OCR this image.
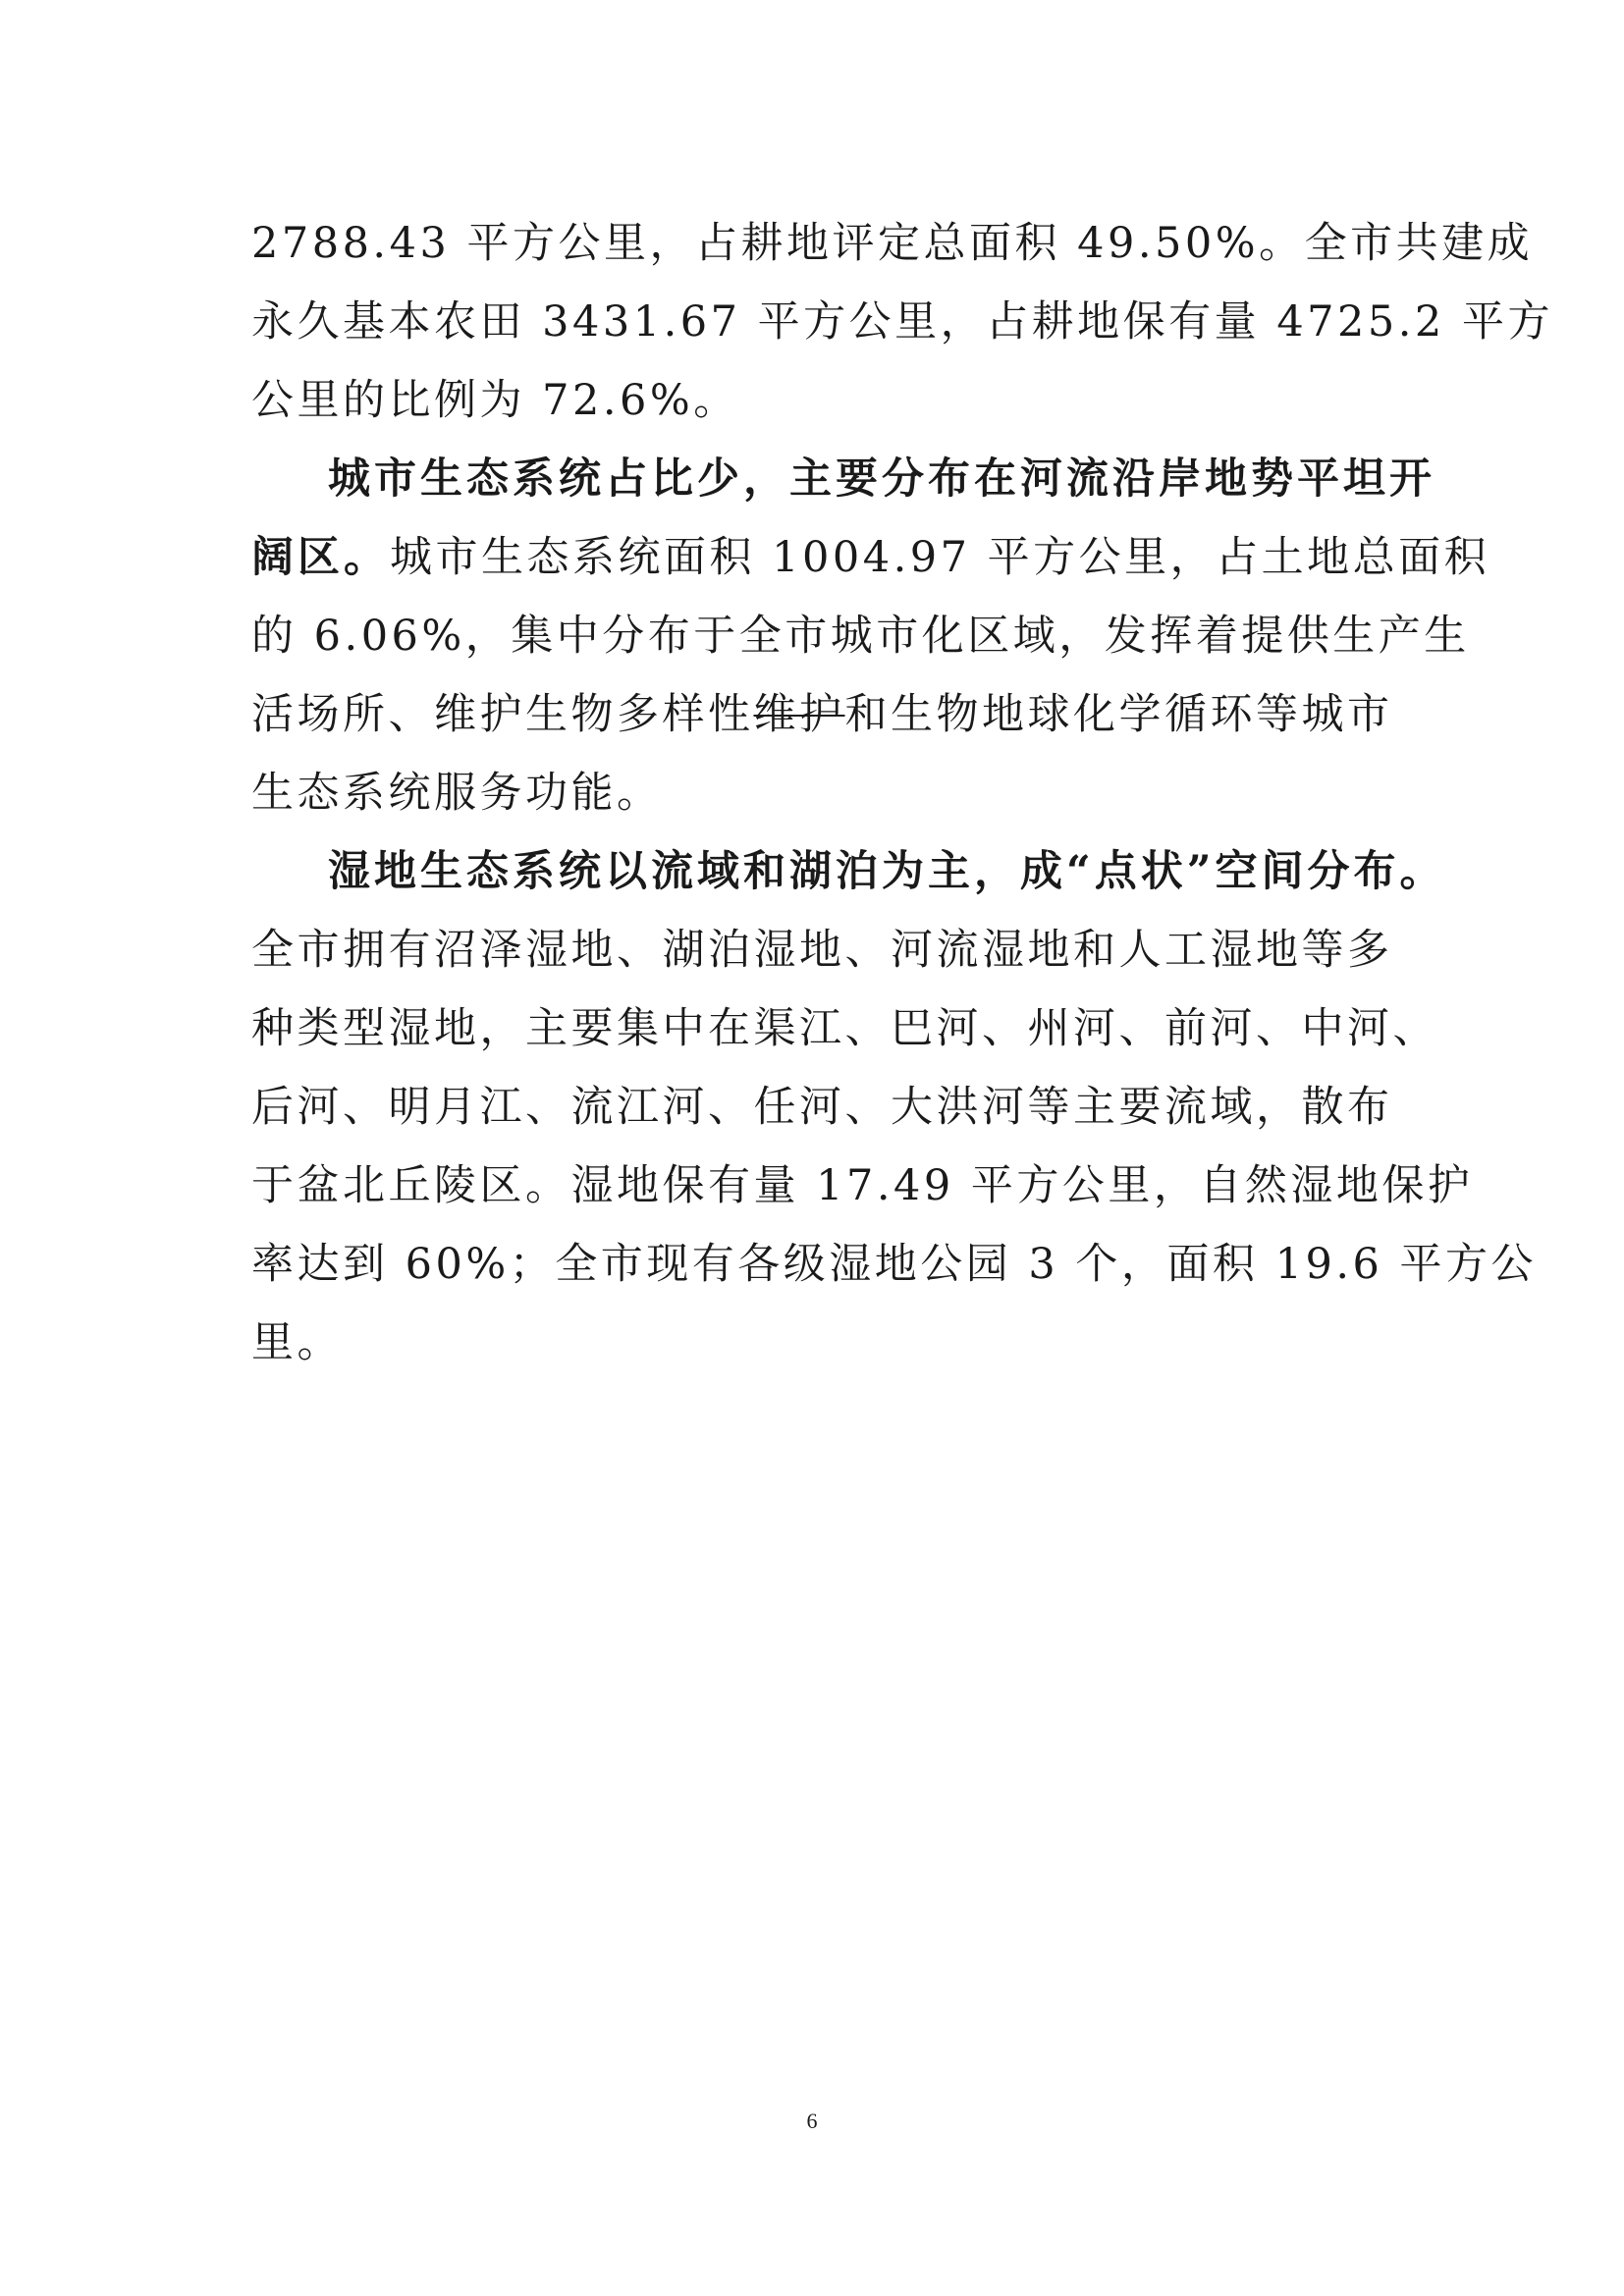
2788.43 平方公里，占耕地评定总面积 49.50%。全市共建成
永久基本农田 3431.67 平方公里，占耕地保有量 4725.2 平方
公里的比例为 72.6%。
城市生态系统占比少，主要分布在河流沿岸地势平坦开
阔区。城市生态系统面积 1004.97 平方公里，占土地总面积
的 6.06%，集中分布于全市城市化区域，发挥着提供生产生
活场所、维护生物多样性维护和生物地球化学循环等城市
生态系统服务功能。
湿地生态系统以流域和湖泊为主，成“点状”空间分布。
全市拥有沼泽湿地、湖泊湿地、河流湿地和人工湿地等多
种类型湿地，主要集中在渠江、巴河、州河、前河、中河、
后河、明月江、流江河、任河、大洪河等主要流域，散布
于盆北丘陵区。湿地保有量 17.49 平方公里，自然湿地保护
率达到 60%；全市现有各级湿地公园 3 个，面积 19.6 平方公
里。
6
